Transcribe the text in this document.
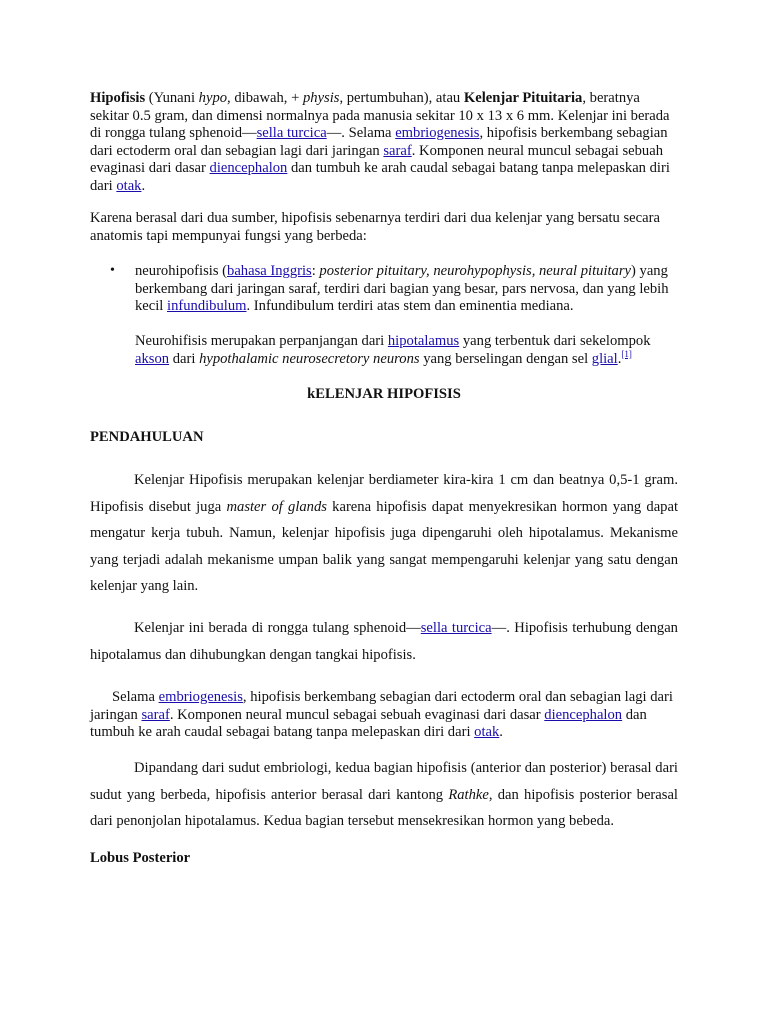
Hipofisis (Yunani hypo, dibawah, + physis, pertumbuhan), atau Kelenjar Pituitaria, beratnya sekitar 0.5 gram, dan dimensi normalnya pada manusia sekitar 10 x 13 x 6 mm. Kelenjar ini berada di rongga tulang sphenoid—sella turcica—. Selama embriogenesis, hipofisis berkembang sebagian dari ectoderm oral dan sebagian lagi dari jaringan saraf. Komponen neural muncul sebagai sebuah evaginasi dari dasar diencephalon dan tumbuh ke arah caudal sebagai batang tanpa melepaskan diri dari otak.

Karena berasal dari dua sumber, hipofisis sebenarnya terdiri dari dua kelenjar yang bersatu secara anatomis tapi mempunyai fungsi yang berbeda:

• neurohipofisis (bahasa Inggris: posterior pituitary, neurohypophysis, neural pituitary) yang berkembang dari jaringan saraf, terdiri dari bagian yang besar, pars nervosa, dan yang lebih kecil infundibulum. Infundibulum terdiri atas stem dan eminentia mediana.

Neurohifisis merupakan perpanjangan dari hipotalamus yang terbentuk dari sekelompok akson dari hypothalamic neurosecretory neurons yang berselingan dengan sel glial.[1]

kELENJAR HIPOFISIS
PENDAHULUAN

Kelenjar Hipofisis merupakan kelenjar berdiameter kira-kira 1 cm dan beatnya 0,5-1 gram. Hipofisis disebut juga master of glands karena hipofisis dapat menyekresikan hormon yang dapat mengatur kerja tubuh. Namun, kelenjar hipofisis juga dipengaruhi oleh hipotalamus. Mekanisme yang terjadi adalah mekanisme umpan balik yang sangat mempengaruhi kelenjar yang satu dengan kelenjar yang lain.

Kelenjar ini berada di rongga tulang sphenoid—sella turcica—. Hipofisis terhubung dengan hipotalamus dan dihubungkan dengan tangkai hipofisis.

Selama embriogenesis, hipofisis berkembang sebagian dari ectoderm oral dan sebagian lagi dari jaringan saraf. Komponen neural muncul sebagai sebuah evaginasi dari dasar diencephalon dan tumbuh ke arah caudal sebagai batang tanpa melepaskan diri dari otak.

Dipandang dari sudut embriologi, kedua bagian hipofisis (anterior dan posterior) berasal dari sudut yang berbeda, hipofisis anterior berasal dari kantong Rathke, dan hipofisis posterior berasal dari penonjolan hipotalamus. Kedua bagian tersebut mensekresikan hormon yang bebeda.

Lobus Posterior
